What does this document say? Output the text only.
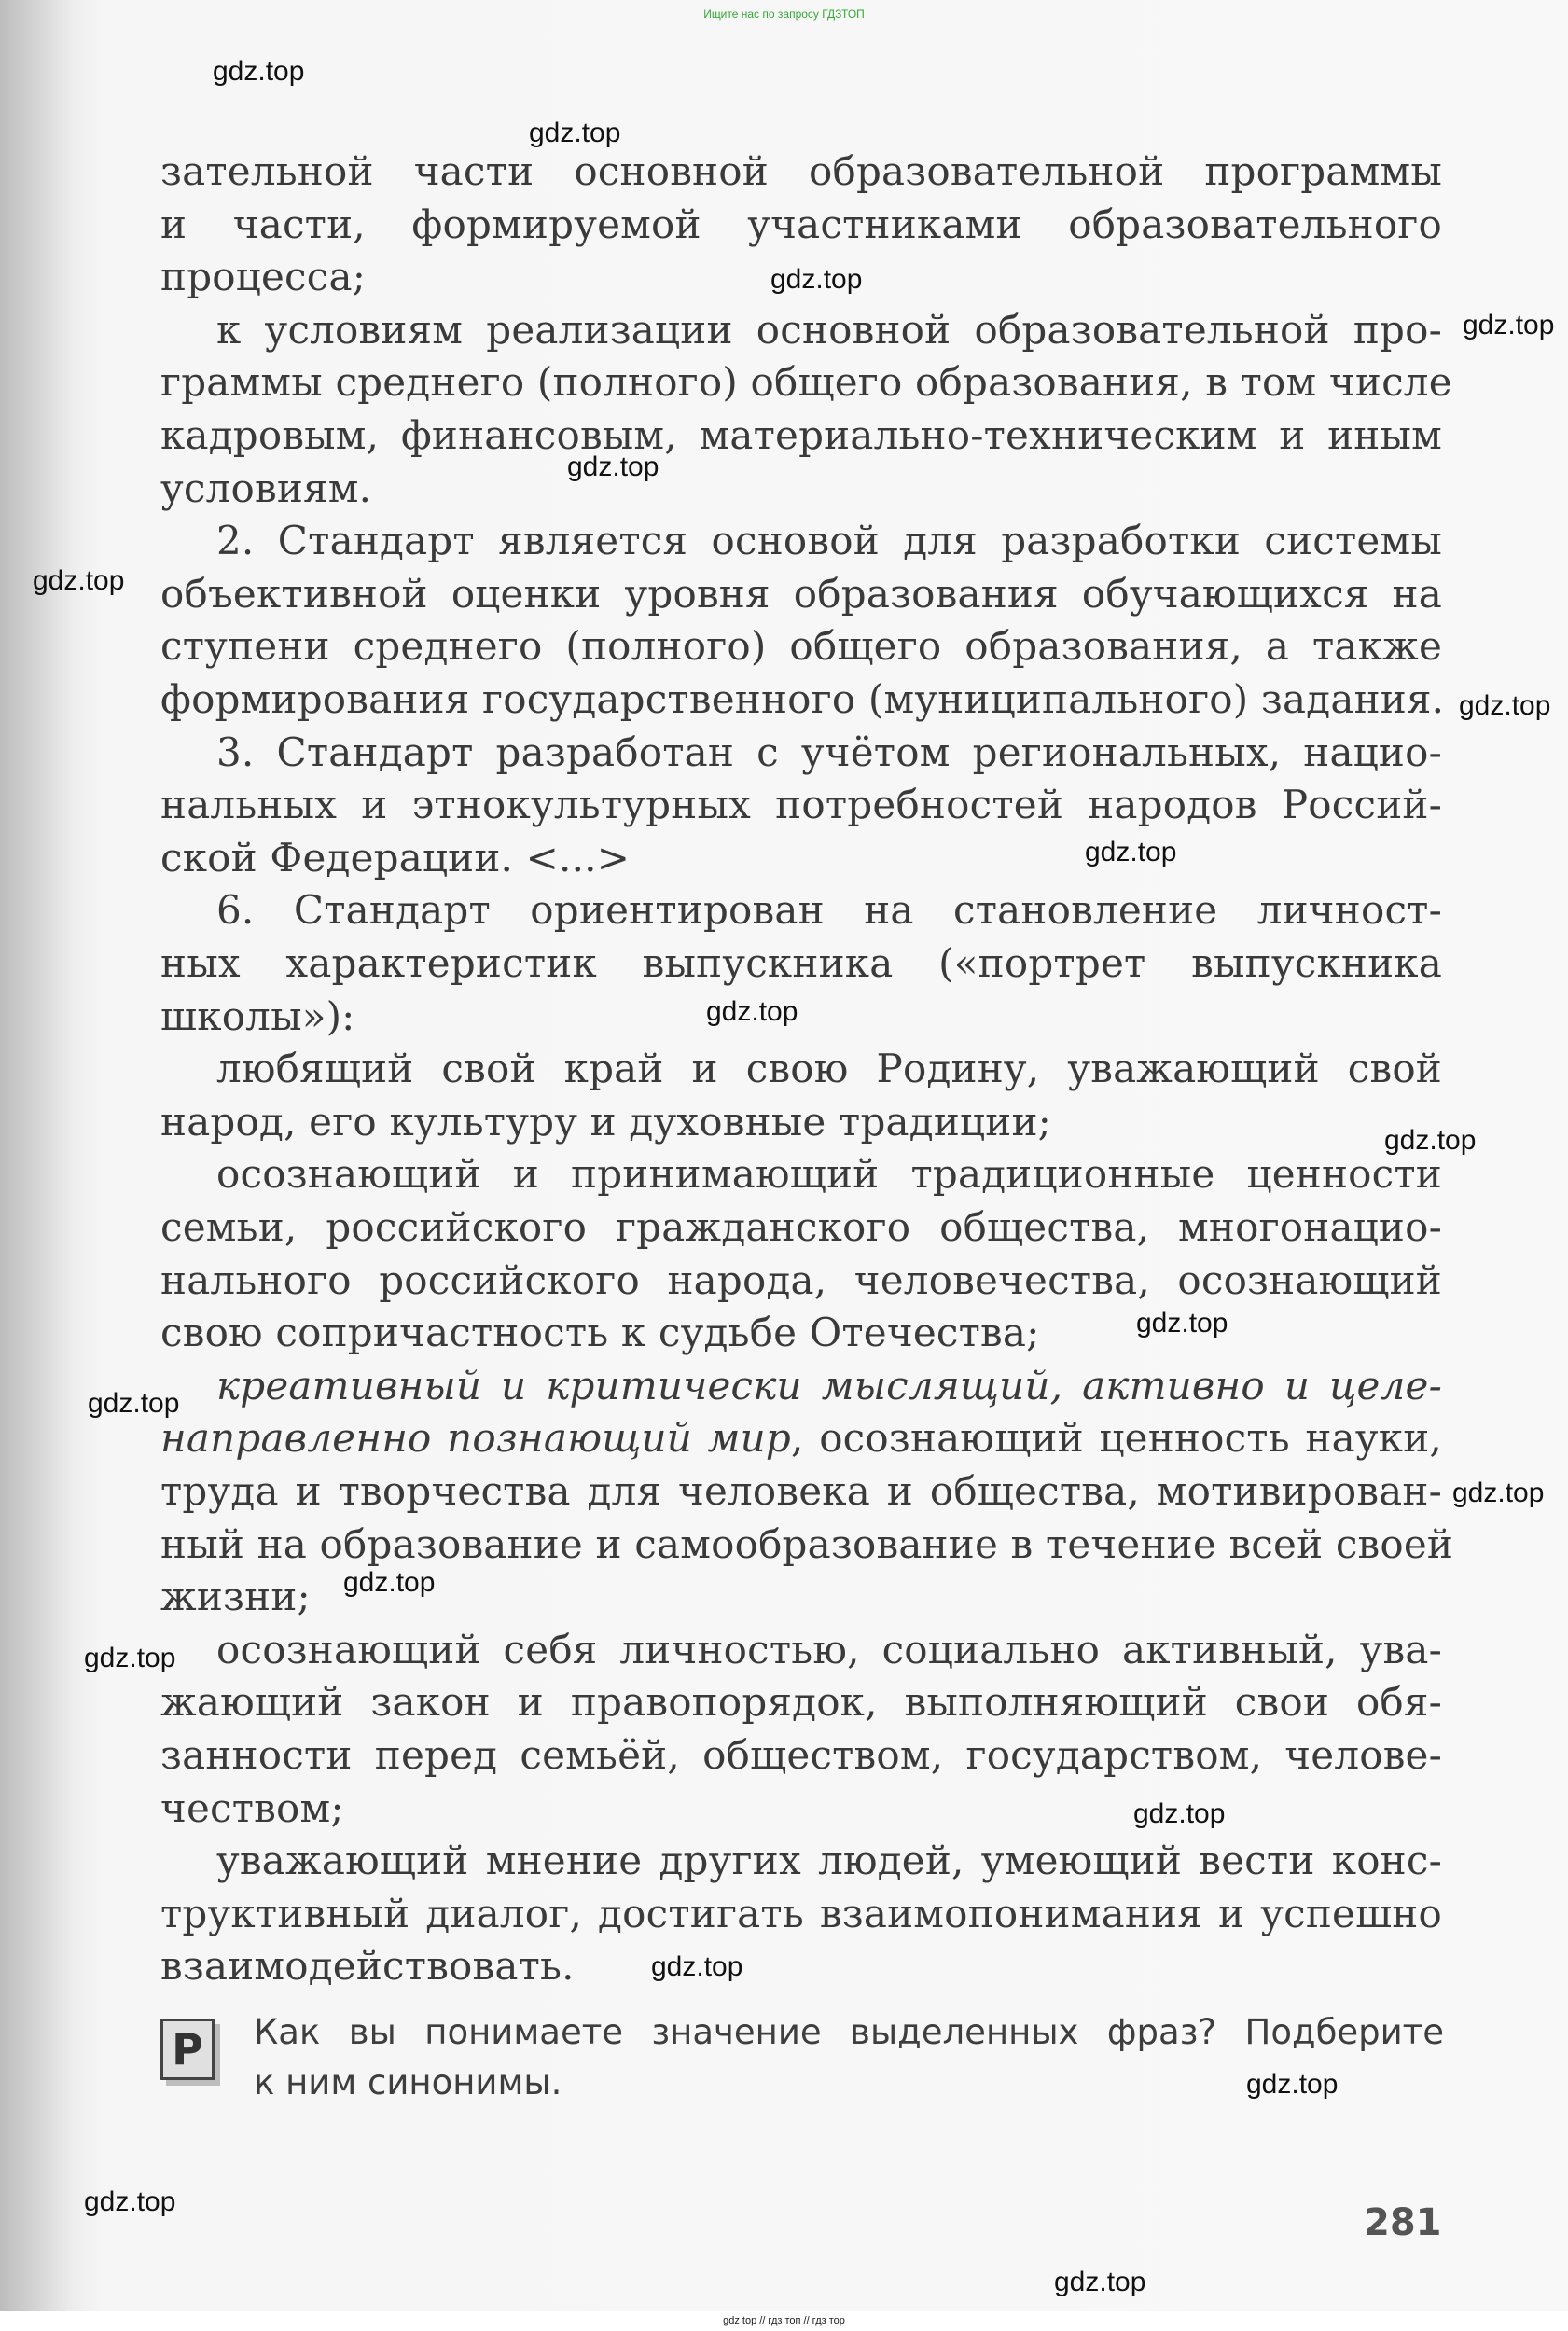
Ищите нас по запросу ГДЗТОП
зательной части основной образовательной программы
и части, формируемой участниками образовательного
процесса;
к условиям реализации основной образовательной про-
граммы среднего (полного) общего образования, в том числе
кадровым, финансовым, материально-техническим и иным
условиям.
2. Стандарт является основой для разработки системы
объективной оценки уровня образования обучающихся на
ступени среднего (полного) общего образования, а также
формирования государственного (муниципального) задания.
3. Стандарт разработан с учётом региональных, нацио-
нальных и этнокультурных потребностей народов Россий-
ской Федерации. <...>
6. Стандарт ориентирован на становление личност-
ных характеристик выпускника («портрет выпускника
школы»):
любящий свой край и свою Родину, уважающий свой
народ, его культуру и духовные традиции;
осознающий и принимающий традиционные ценности
семьи, российского гражданского общества, многонацио-
нального российского народа, человечества, осознающий
свою сопричастность к судьбе Отечества;
креативный и критически мыслящий, активно и целе-
направленно познающий мир, осознающий ценность науки,
труда и творчества для человека и общества, мотивирован-
ный на образование и самообразование в течение всей своей
жизни;
осознающий себя личностью, социально активный, ува-
жающий закон и правопорядок, выполняющий свои обя-
занности перед семьёй, обществом, государством, челове-
чеством;
уважающий мнение других людей, умеющий вести конс-
труктивный диалог, достигать взаимопонимания и успешно
взаимодействовать.
Р	Как вы понимаете значение выделенных фраз? Подберите
к ним синонимы.
281
gdz.top
gdz.top
gdz.top
gdz.top
gdz.top
gdz.top
gdz.top
gdz.top
gdz.top
gdz.top
gdz.top
gdz.top
gdz.top
gdz.top
gdz.top
gdz.top
gdz.top
gdz.top
gdz.top
gdz.top
gdz top // гдз топ // гдз тор
